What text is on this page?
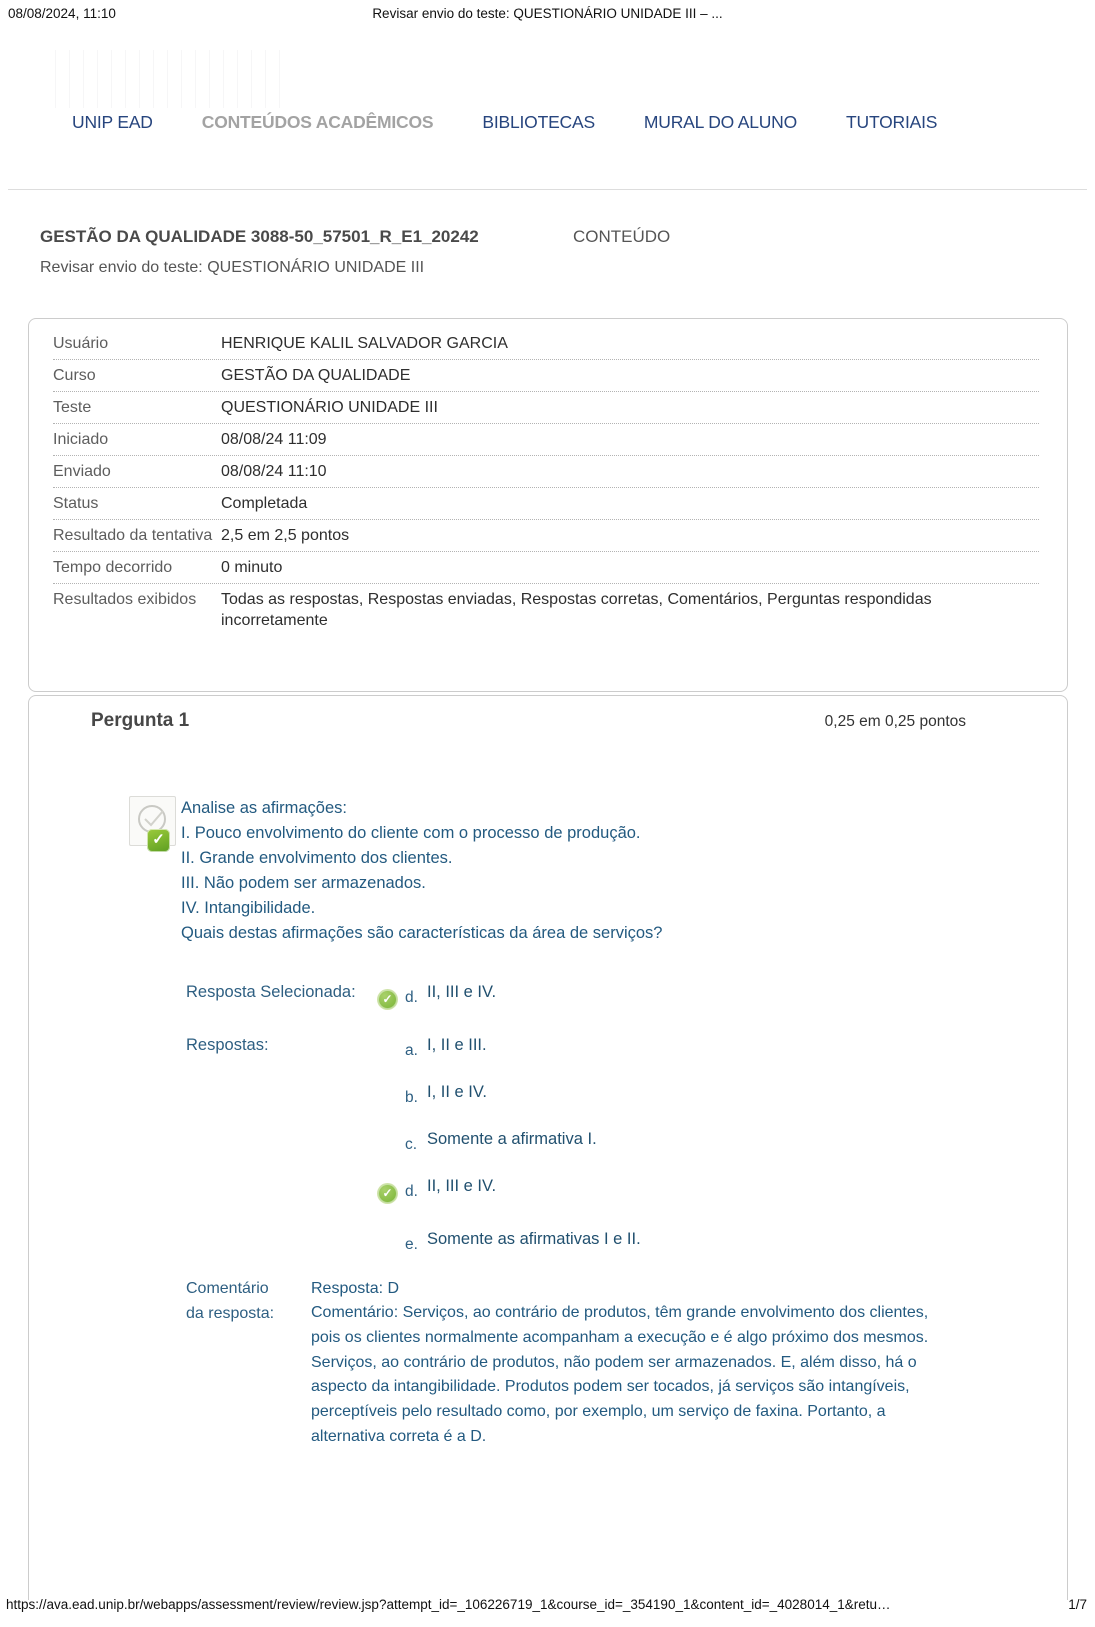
08/08/2024, 11:10	Revisar envio do teste: QUESTIONÁRIO UNIDADE III – ...
UNIP EAD	CONTEÚDOS ACADÊMICOS	BIBLIOTECAS	MURAL DO ALUNO	TUTORIAIS
GESTÃO DA QUALIDADE 3088-50_57501_R_E1_20242	CONTEÚDO
Revisar envio do teste: QUESTIONÁRIO UNIDADE III
Usuário	HENRIQUE KALIL SALVADOR GARCIA
Curso	GESTÃO DA QUALIDADE
Teste	QUESTIONÁRIO UNIDADE III
Iniciado	08/08/24 11:09
Enviado	08/08/24 11:10
Status	Completada
Resultado da tentativa 2,5 em 2,5 pontos
Tempo decorrido	0 minuto
Resultados exibidos	Todas as respostas, Respostas enviadas, Respostas corretas, Comentários, Perguntas respondidas incorretamente
Pergunta 1	0,25 em 0,25 pontos
✓
Analise as afirmações:
I. Pouco envolvimento do cliente com o processo de produção.
II. Grande envolvimento dos clientes.
III. Não podem ser armazenados.
IV. Intangibilidade.
Quais destas afirmações são características da área de serviços?
Resposta Selecionada:	✓ d. II, III e IV.
Respostas:	a. I, II e III.
b. I, II e IV.
c. Somente a afirmativa I.
✓ d. II, III e IV.
e. Somente as afirmativas I e II.
Comentário da resposta:
Resposta: D
Comentário: Serviços, ao contrário de produtos, têm grande envolvimento dos clientes, pois os clientes normalmente acompanham a execução e é algo próximo dos mesmos. Serviços, ao contrário de produtos, não podem ser armazenados. E, além disso, há o aspecto da intangibilidade. Produtos podem ser tocados, já serviços são intangíveis, perceptíveis pelo resultado como, por exemplo, um serviço de faxina. Portanto, a alternativa correta é a D.
https://ava.ead.unip.br/webapps/assessment/review/review.jsp?attempt_id=_106226719_1&course_id=_354190_1&content_id=_4028014_1&retu…	1/7
